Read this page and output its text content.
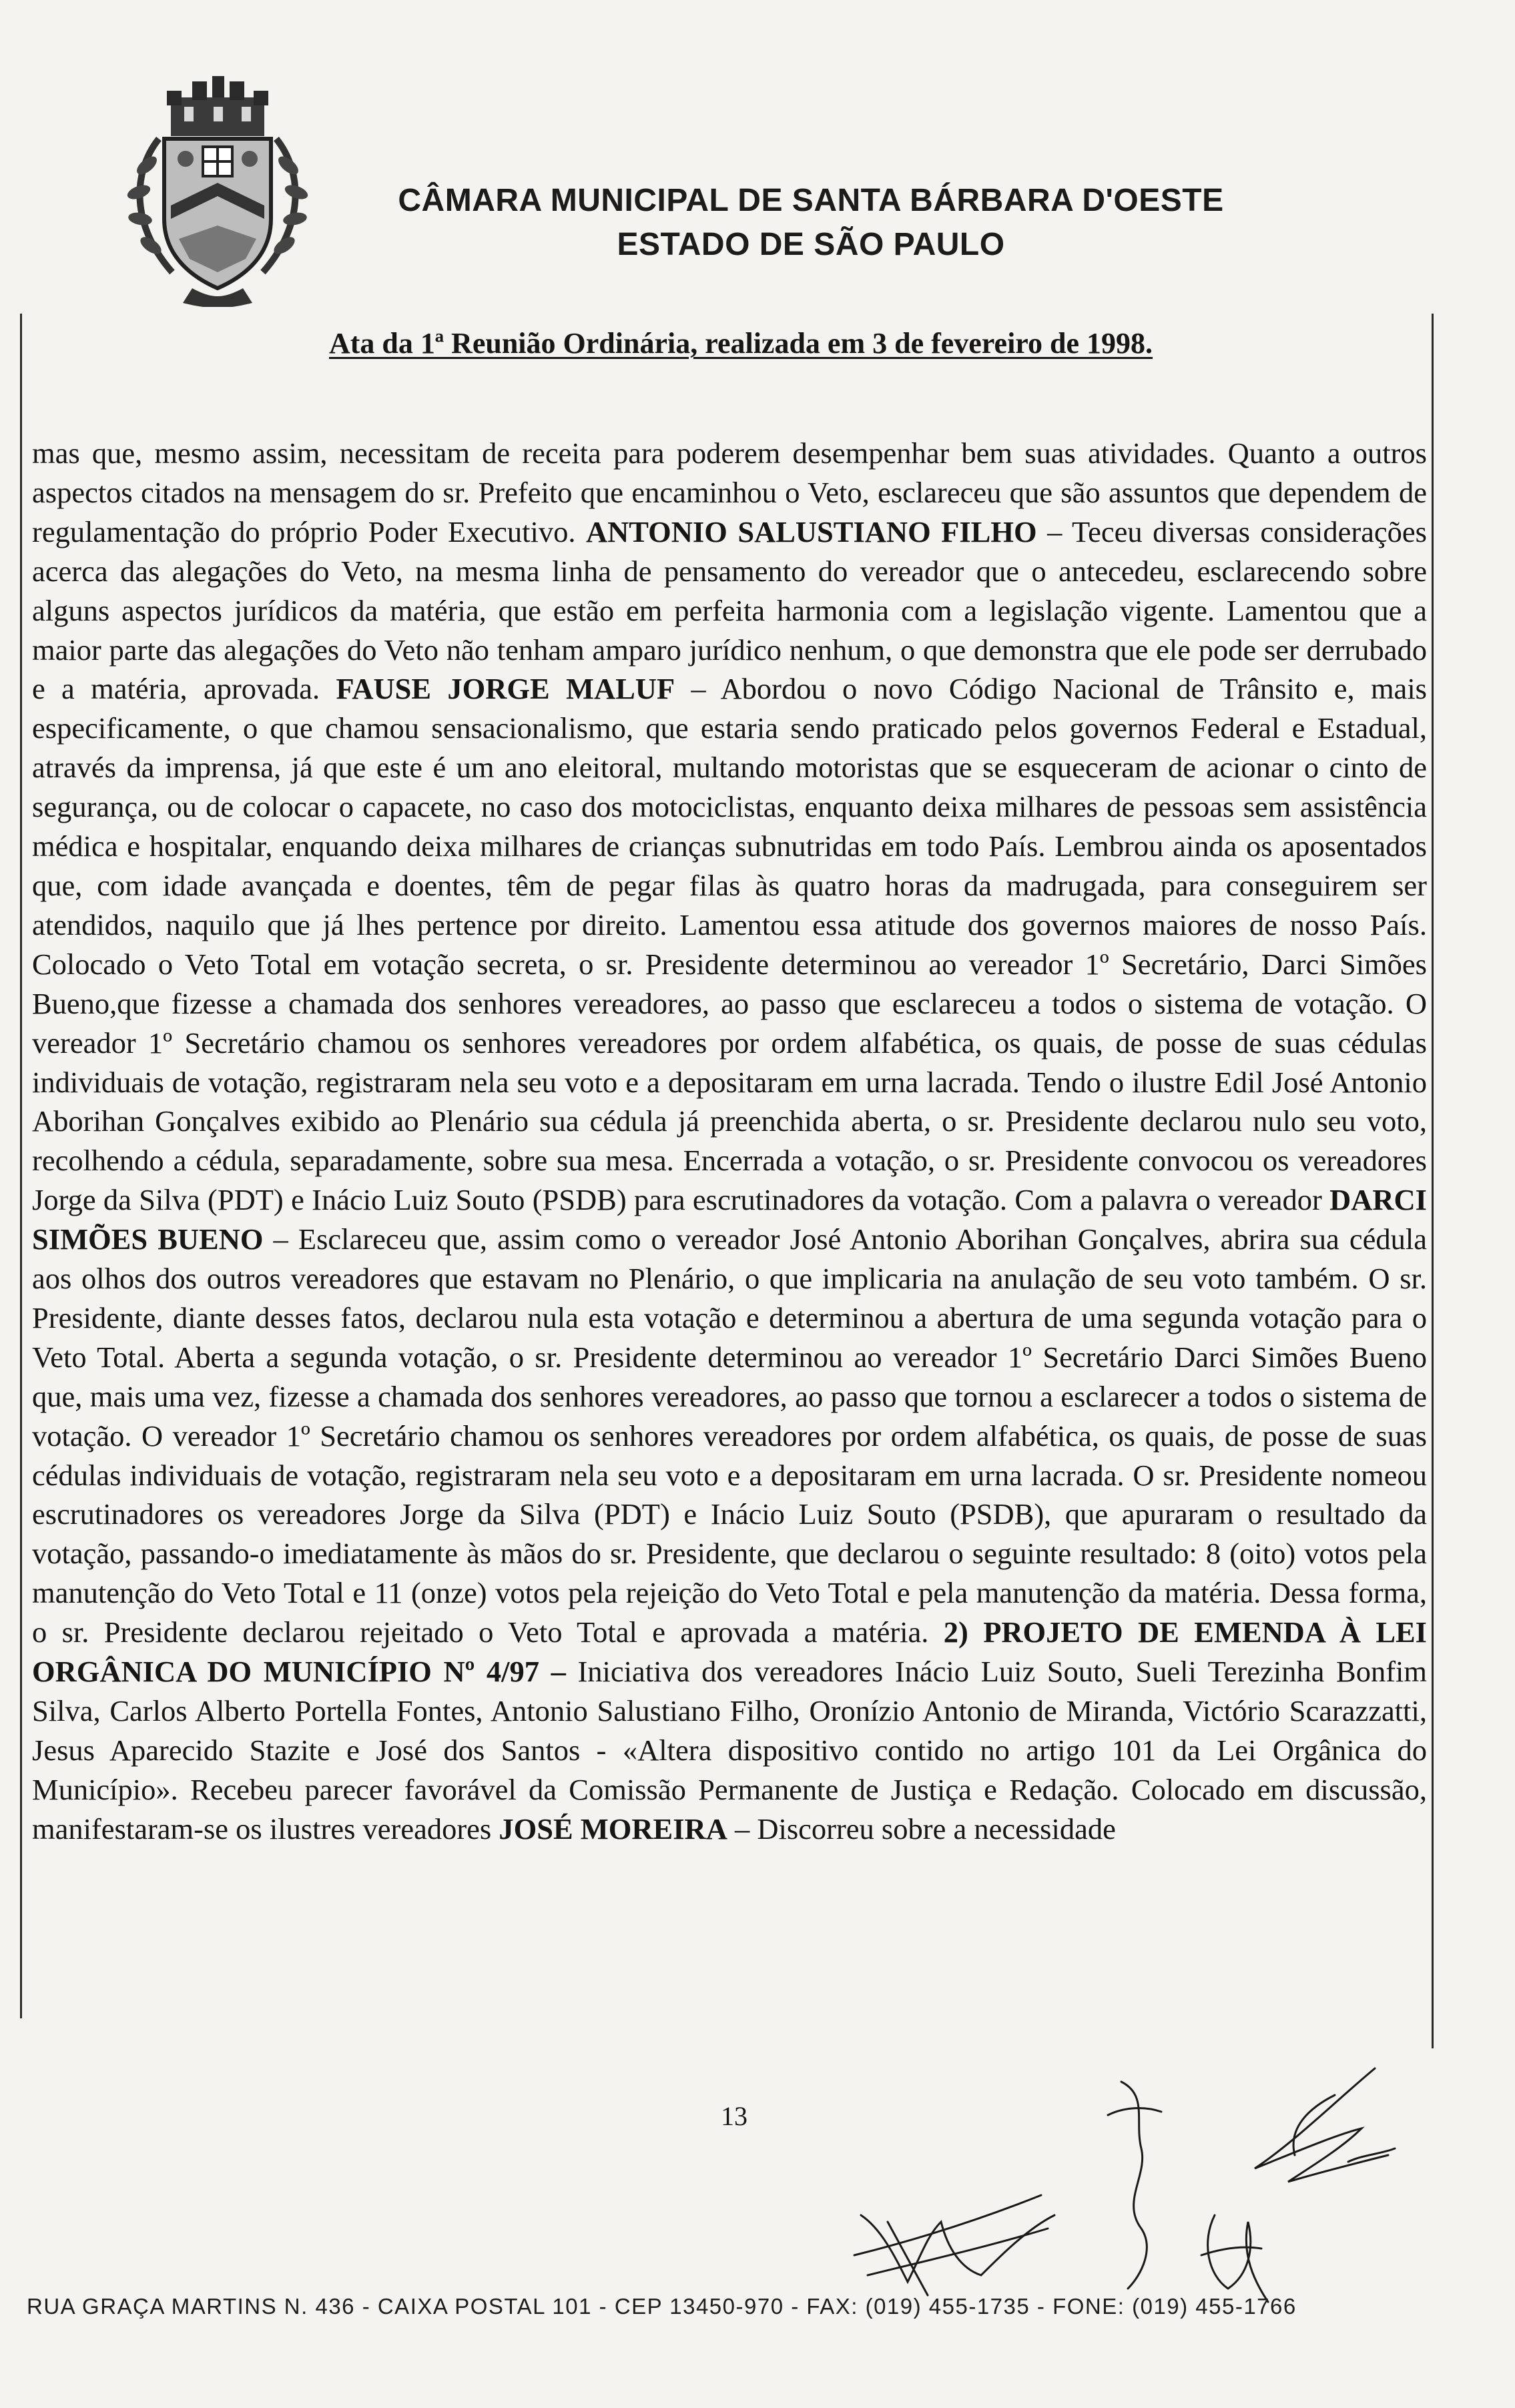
CÂMARA MUNICIPAL DE SANTA BÁRBARA D'OESTE
ESTADO DE SÃO PAULO
Ata da 1ª Reunião Ordinária, realizada em 3 de fevereiro de 1998.

mas que, mesmo assim, necessitam de receita para poderem desempenhar bem suas atividades. Quanto a outros aspectos citados na mensagem do sr. Prefeito que encaminhou o Veto, esclareceu que são assuntos que dependem de regulamentação do próprio Poder Executivo. ANTONIO SALUSTIANO FILHO – Teceu diversas considerações acerca das alegações do Veto, na mesma linha de pensamento do vereador que o antecedeu, esclarecendo sobre alguns aspectos jurídicos da matéria, que estão em perfeita harmonia com a legislação vigente. Lamentou que a maior parte das alegações do Veto não tenham amparo jurídico nenhum, o que demonstra que ele pode ser derrubado e a matéria, aprovada. FAUSE JORGE MALUF – Abordou o novo Código Nacional de Trânsito e, mais especificamente, o que chamou sensacionalismo, que estaria sendo praticado pelos governos Federal e Estadual, através da imprensa, já que este é um ano eleitoral, multando motoristas que se esqueceram de acionar o cinto de segurança, ou de colocar o capacete, no caso dos motociclistas, enquanto deixa milhares de pessoas sem assistência médica e hospitalar, enquando deixa milhares de crianças subnutridas em todo País. Lembrou ainda os aposentados que, com idade avançada e doentes, têm de pegar filas às quatro horas da madrugada, para conseguirem ser atendidos, naquilo que já lhes pertence por direito. Lamentou essa atitude dos governos maiores de nosso País. Colocado o Veto Total em votação secreta, o sr. Presidente determinou ao vereador 1º Secretário, Darci Simões Bueno,que fizesse a chamada dos senhores vereadores, ao passo que esclareceu a todos o sistema de votação. O vereador 1º Secretário chamou os senhores vereadores por ordem alfabética, os quais, de posse de suas cédulas individuais de votação, registraram nela seu voto e a depositaram em urna lacrada. Tendo o ilustre Edil José Antonio Aborihan Gonçalves exibido ao Plenário sua cédula já preenchida aberta, o sr. Presidente declarou nulo seu voto, recolhendo a cédula, separadamente, sobre sua mesa. Encerrada a votação, o sr. Presidente convocou os vereadores Jorge da Silva (PDT) e Inácio Luiz Souto (PSDB) para escrutinadores da votação. Com a palavra o vereador DARCI SIMÕES BUENO – Esclareceu que, assim como o vereador José Antonio Aborihan Gonçalves, abrira sua cédula aos olhos dos outros vereadores que estavam no Plenário, o que implicaria na anulação de seu voto também. O sr. Presidente, diante desses fatos, declarou nula esta votação e determinou a abertura de uma segunda votação para o Veto Total. Aberta a segunda votação, o sr. Presidente determinou ao vereador 1º Secretário Darci Simões Bueno que, mais uma vez, fizesse a chamada dos senhores vereadores, ao passo que tornou a esclarecer a todos o sistema de votação. O vereador 1º Secretário chamou os senhores vereadores por ordem alfabética, os quais, de posse de suas cédulas individuais de votação, registraram nela seu voto e a depositaram em urna lacrada. O sr. Presidente nomeou escrutinadores os vereadores Jorge da Silva (PDT) e Inácio Luiz Souto (PSDB), que apuraram o resultado da votação, passando-o imediatamente às mãos do sr. Presidente, que declarou o seguinte resultado: 8 (oito) votos pela manutenção do Veto Total e 11 (onze) votos pela rejeição do Veto Total e pela manutenção da matéria. Dessa forma, o sr. Presidente declarou rejeitado o Veto Total e aprovada a matéria. 2) PROJETO DE EMENDA À LEI ORGÂNICA DO MUNICÍPIO Nº 4/97 – Iniciativa dos vereadores Inácio Luiz Souto, Sueli Terezinha Bonfim Silva, Carlos Alberto Portella Fontes, Antonio Salustiano Filho, Oronízio Antonio de Miranda, Victório Scarazzatti, Jesus Aparecido Stazite e José dos Santos - «Altera dispositivo contido no artigo 101 da Lei Orgânica do Município». Recebeu parecer favorável da Comissão Permanente de Justiça e Redação. Colocado em discussão, manifestaram-se os ilustres vereadores JOSÉ MOREIRA – Discorreu sobre a necessidade

13
RUA GRAÇA MARTINS N. 436 - CAIXA POSTAL 101 - CEP 13450-970 - FAX: (019) 455-1735 - FONE: (019) 455-1766
